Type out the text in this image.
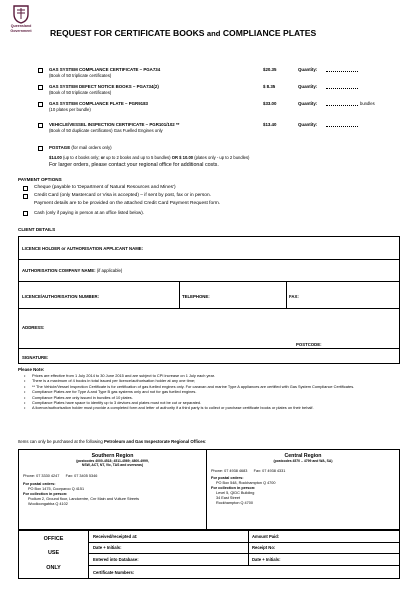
Queensland
Government REQUEST FOR CERTIFICATE BOOKS and COMPLIANCE PLATES
GAS SYSTEM COMPLIANCE CERTIFICATE – PGA734
(Book of 50 triplicate certificates)
$20.35	Quantity:
GAS SYSTEM DEFECT NOTICE BOOKS – PGA734(2)
(Book of 50 triplicate certificates)
$ 8.35	Quantity:
GAS SYSTEM COMPLIANCE PLATE – PGR9183
(10 plates per bundle)
$33.00	Quantity:	bundles
VEHICLE/VESSEL INSPECTION CERTIFICATE – PGR101/102 **
(Book of 50 duplicate certificates) Gas Fuelled Engines only
$13.40	Quantity:
POSTAGE (for mail orders only)
$14.00 (up to 4 books only; or up to 2 books and up to 5 bundles) OR $ 10.00 (plates only - up to 2 bundles)
For larger orders, please contact your regional office for additional costs.
PAYMENT OPTIONS
Cheque (payable to 'Department of Natural Resources and Mines')
Credit Card (only Mastercard or Visa is accepted) – if sent by post, fax or in person.
Payment details are to be provided on the attached Credit Card Payment Request form.
Cash (only if paying in person at an office listed below).
CLIENT DETAILS
LICENCE HOLDER or AUTHORISATION APPLICANT NAME:
AUTHORISATION COMPANY NAME: (if applicable)
LICENCE/AUTHORISATION NUMBER:	TELEPHONE:	FAX:
ADDRESS:
POSTCODE:
SIGNATURE:
Please Note:
• Prices are effective from 1 July 2014 to 30 June 2015 and are subject to CPI increase on 1 July each year.
• There is a maximum of 4 books in total issued per licence/authorisation holder at any one time;
• ** The Vehicle/Vessel Inspection Certificate is for certification of gas fuelled engines only. For caravan and marine Type A appliances are certified with Gas System Compliance Certificates.
• Compliance Plates are for Type A and Type B gas systems only and not for gas fuelled engines.
• Compliance Plates are only issued in bundles of 10 plates.
• Compliance Plates have space to identify up to 3 devices and plates must not be cut or separated.
• A licence/authorisation holder must provide a completed form and letter of authority if a third party is to collect or purchase certificate books or plates on their behalf.
Items can only be purchased at the following Petroleum and Gas Inspectorate Regional Offices:
Southern Region
(postcodes 4000-4518; 4511-4569; 4800-4999,
NSW, ACT, NT, Vic, TAS and overseas)
Phone: 07 3330 4247 Fax: 07 3405 5346
For postal orders:
PO Box 1475, Coorparoo Q 4151
For collection in person:
Podium 2, Ground floor, Landcentre, Cnr Main and Vulture Streets
Woolloongabba Q 4102
Central Region
(postcodes 4570 – 4799 and WA, SA)
Phone: 07 4938 4683 Fax: 07 4938 4331
For postal orders:
PO Box 548, Rockhampton Q 4700
For collection in person:
Level 5, QIDC Building
34 East Street
Rockhampton Q 4700
OFFICE
USE
ONLY
Received/receipted at:	Amount Paid:
Date + Initials:	Receipt No:
Entered into Database:	Date + Initials:
Certificate Numbers:
